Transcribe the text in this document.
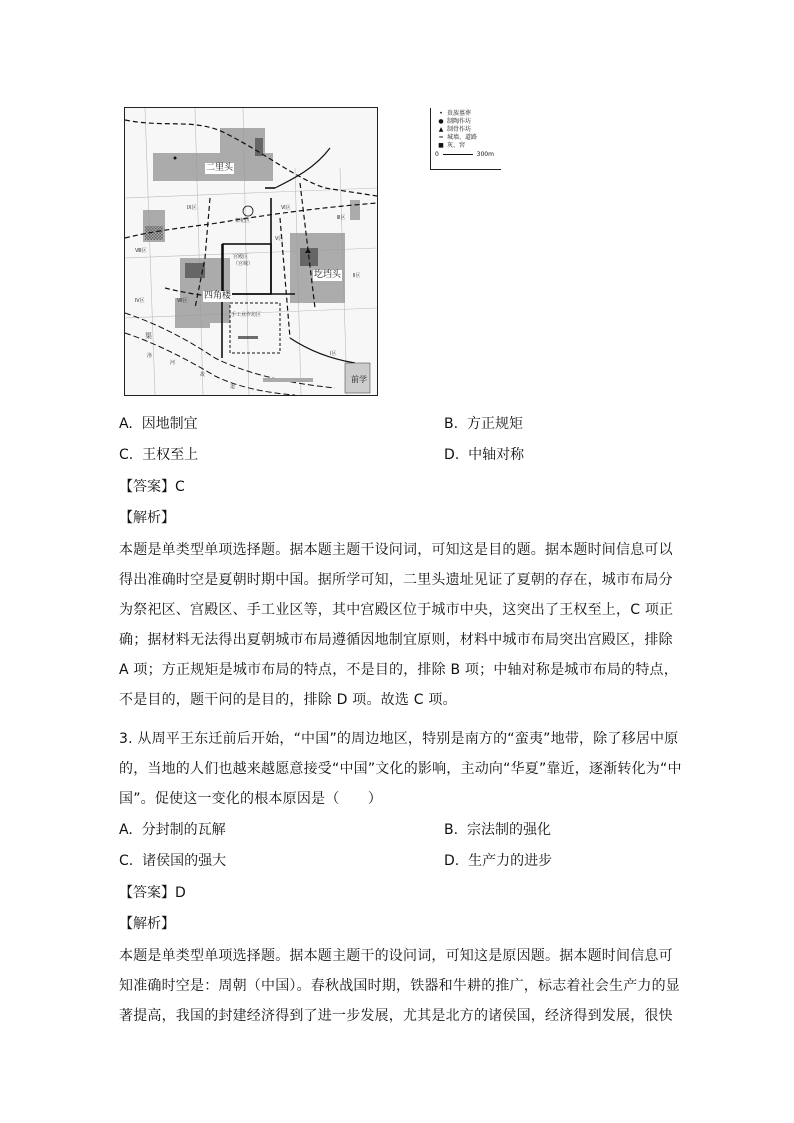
• 贵族墓葬
● 制陶作坊
▲ 制骨作坊
━ 城墙、道路
■ 灰、窖
0	300m
二里头
四角楼
圪垱头
前学
宫殿区
（宫城）
祭祀区
手工业作坊区
渠
洛
河
故
道
Ⅸ区	Ⅵ区
Ⅷ区
Ⅶ区
Ⅴ区
Ⅲ区
Ⅱ区
Ⅰ区
Ⅳ区
A. 因地制宜	B. 方正规矩
C. 王权至上	D. 中轴对称
【答案】C
【解析】
本题是单类型单项选择题。据本题主题干设问词，可知这是目的题。据本题时间信息可以
得出准确时空是夏朝时期中国。据所学可知，二里头遗址见证了夏朝的存在，城市布局分
为祭祀区、宫殿区、手工业区等，其中宫殿区位于城市中央，这突出了王权至上，C 项正
确；据材料无法得出夏朝城市布局遵循因地制宜原则，材料中城市布局突出宫殿区，排除
A 项；方正规矩是城市布局的特点，不是目的，排除 B 项；中轴对称是城市布局的特点，
不是目的，题干问的是目的，排除 D 项。故选 C 项。
3. 从周平王东迁前后开始，“中国”的周边地区，特别是南方的“蛮夷”地带，除了移居中原
的，当地的人们也越来越愿意接受“中国”文化的影响，主动向“华夏”靠近，逐渐转化为“中
国”。促使这一变化的根本原因是（　　）
A. 分封制的瓦解	B. 宗法制的强化
C. 诸侯国的强大	D. 生产力的进步
【答案】D
【解析】
本题是单类型单项选择题。据本题主题干的设问词，可知这是原因题。据本题时间信息可
知准确时空是：周朝（中国）。春秋战国时期，铁器和牛耕的推广，标志着社会生产力的显
著提高，我国的封建经济得到了进一步发展，尤其是北方的诸侯国，经济得到发展，很快
